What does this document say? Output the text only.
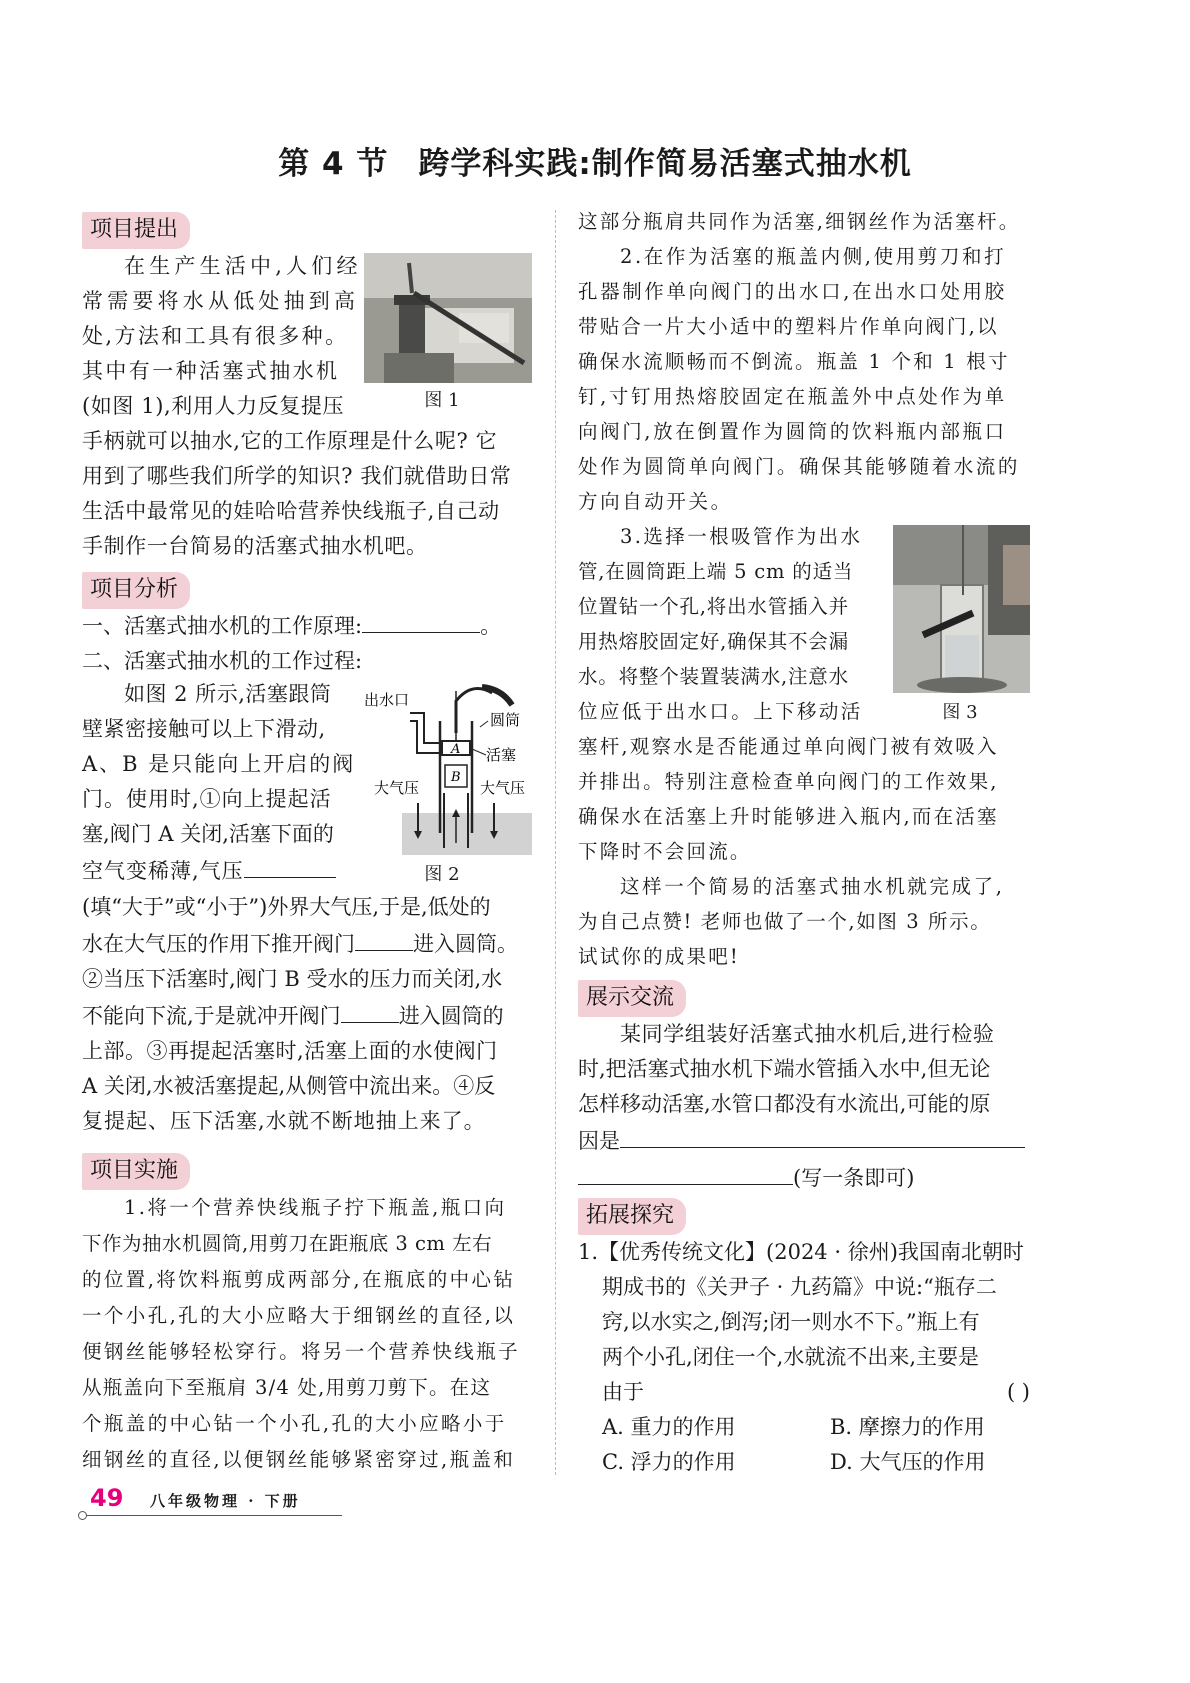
第 4 节 跨学科实践:制作简易活塞式抽水机
项目提出
图 1
在生产生活中,人们经
常需要将水从低处抽到高
处,方法和工具有很多种。
其中有一种活塞式抽水机
(如图 1),利用人力反复提压
手柄就可以抽水,它的工作原理是什么呢? 它
用到了哪些我们所学的知识? 我们就借助日常
生活中最常见的娃哈哈营养快线瓶子,自己动
手制作一台简易的活塞式抽水机吧。
项目分析
一、活塞式抽水机的工作原理:	。
二、活塞式抽水机的工作过程:
如图 2 所示,活塞跟筒
壁紧密接触可以上下滑动,
A、B 是只能向上开启的阀
门。使用时,①向上提起活
塞,阀门 A 关闭,活塞下面的
空气变稀薄,气压
A
B
出水口
圆筒
活塞
大气压	大气压
图 2
(填“大于”或“小于”)外界大气压,于是,低处的
水在大气压的作用下推开阀门	进入圆筒。
②当压下活塞时,阀门 B 受水的压力而关闭,水
不能向下流,于是就冲开阀门	进入圆筒的
上部。③再提起活塞时,活塞上面的水使阀门
A 关闭,水被活塞提起,从侧管中流出来。④反
复提起、压下活塞,水就不断地抽上来了。
项目实施
1.将一个营养快线瓶子拧下瓶盖,瓶口向
下作为抽水机圆筒,用剪刀在距瓶底 3 cm 左右
的位置,将饮料瓶剪成两部分,在瓶底的中心钻
一个小孔,孔的大小应略大于细钢丝的直径,以
便钢丝能够轻松穿行。将另一个营养快线瓶子
从瓶盖向下至瓶肩 3/4 处,用剪刀剪下。在这
个瓶盖的中心钻一个小孔,孔的大小应略小于
细钢丝的直径,以便钢丝能够紧密穿过,瓶盖和
这部分瓶肩共同作为活塞,细钢丝作为活塞杆。
2.在作为活塞的瓶盖内侧,使用剪刀和打
孔器制作单向阀门的出水口,在出水口处用胶
带贴合一片大小适中的塑料片作单向阀门,以
确保水流顺畅而不倒流。瓶盖 1 个和 1 根寸
钉,寸钉用热熔胶固定在瓶盖外中点处作为单
向阀门,放在倒置作为圆筒的饮料瓶内部瓶口
处作为圆筒单向阀门。确保其能够随着水流的
方向自动开关。
图 3
3.选择一根吸管作为出水
管,在圆筒距上端 5 cm 的适当
位置钻一个孔,将出水管插入并
用热熔胶固定好,确保其不会漏
水。将整个装置装满水,注意水
位应低于出水口。上下移动活
塞杆,观察水是否能通过单向阀门被有效吸入
并排出。特别注意检查单向阀门的工作效果,
确保水在活塞上升时能够进入瓶内,而在活塞
下降时不会回流。
这样一个简易的活塞式抽水机就完成了,
为自己点赞! 老师也做了一个,如图 3 所示。
试试你的成果吧!
展示交流
某同学组装好活塞式抽水机后,进行检验
时,把活塞式抽水机下端水管插入水中,但无论
怎样移动活塞,水管口都没有水流出,可能的原
因是
(写一条即可)
拓展探究
1.【优秀传统文化】(2024 · 徐州)我国南北朝时
期成书的《关尹子 · 九药篇》中说:“瓶存二
窍,以水实之,倒泻;闭一则水不下。”瓶上有
两个小孔,闭住一个,水就流不出来,主要是
由于	( )
A. 重力的作用	B. 摩擦力的作用
C. 浮力的作用	D. 大气压的作用
49 八年级物理 · 下册
